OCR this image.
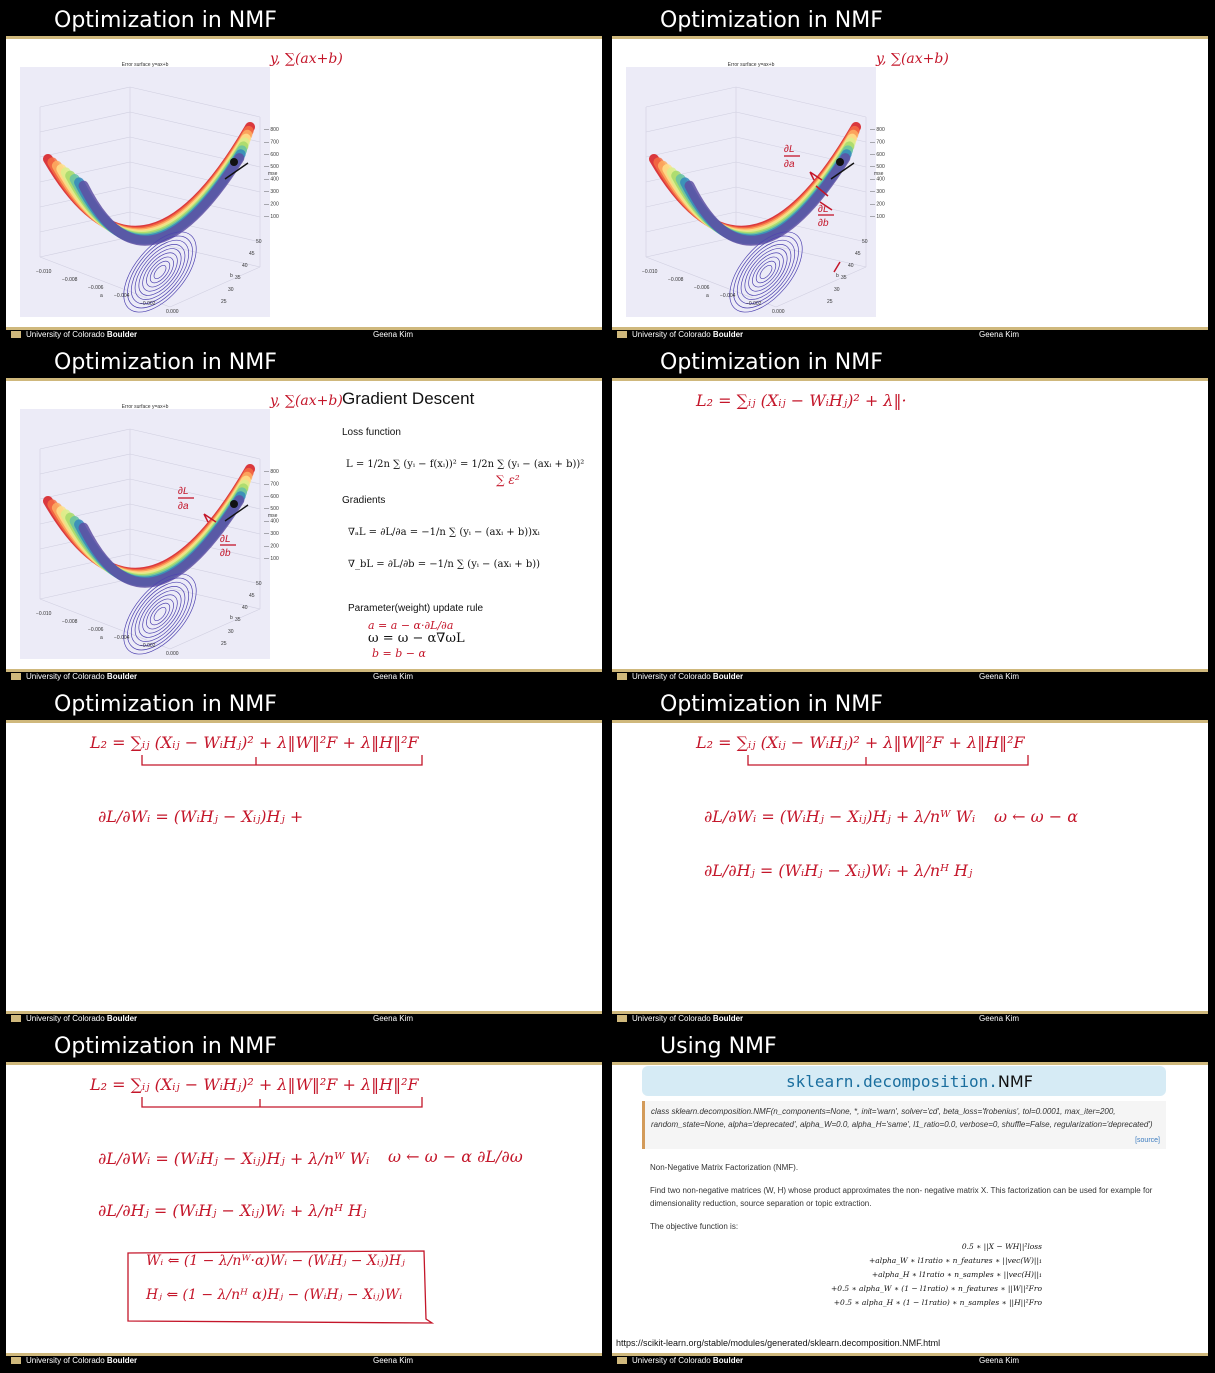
Optimization in NMF
Error surface y=ax+b
— 800
— 700
— 600
— 500
— 400
— 300
— 200
— 100
mse
50
45
40
35
30
25
b
−0.010
−0.008
−0.006
−0.004
−0.002
0.000
a
y, ∑(ax+b)
University of Colorado Boulder	Geena Kim
Optimization in NMF
Error surface y=ax+b
— 800
— 700
— 600
— 500
— 400
— 300
— 200
— 100
mse
50
45
40
35
30
25
b
−0.010
−0.008
−0.006
−0.004
−0.002
0.000
a
y, ∑(ax+b)
∂L
∂a
∂L
∂b
University of Colorado Boulder	Geena Kim
Optimization in NMF
Error surface y=ax+b
— 800
— 700
— 600
— 500
— 400
— 300
— 200
— 100
mse
50
45
40
35
30
25
b
−0.010
−0.008
−0.006
−0.004
−0.002
0.000
a
y, ∑(ax+b) Gradient Descent
Loss function
L = 1/2n ∑ (yᵢ − f(xᵢ))² = 1/2n ∑ (yᵢ − (axᵢ + b))²
∑ ε²
Gradients
∇ₐL = ∂L/∂a = −1/n ∑ (yᵢ − (axᵢ + b))xᵢ
∇_bL = ∂L/∂b = −1/n ∑ (yᵢ − (axᵢ + b))
Parameter(weight) update rule
ω = ω − α∇ωL
a = a − α·∂L/∂a
b = b − α
∂L
∂a
∂L
∂b
University of Colorado Boulder	Geena Kim
Optimization in NMF
L₂ = ∑ᵢⱼ (Xᵢⱼ − WᵢHⱼ)² + λ‖·
University of Colorado Boulder	Geena Kim
Optimization in NMF
L₂ = ∑ᵢⱼ (Xᵢⱼ − WᵢHⱼ)² + λ‖W‖²F + λ‖H‖²F
∂L/∂Wᵢ = (WᵢHⱼ − Xᵢⱼ)Hⱼ +
University of Colorado Boulder	Geena Kim
Optimization in NMF
L₂ = ∑ᵢⱼ (Xᵢⱼ − WᵢHⱼ)² + λ‖W‖²F + λ‖H‖²F
∂L/∂Wᵢ = (WᵢHⱼ − Xᵢⱼ)Hⱼ + λ/nᵂ Wᵢ
∂L/∂Hⱼ = (WᵢHⱼ − Xᵢⱼ)Wᵢ + λ/nᴴ Hⱼ
ω ← ω − α
University of Colorado Boulder	Geena Kim
Optimization in NMF
L₂ = ∑ᵢⱼ (Xᵢⱼ − WᵢHⱼ)² + λ‖W‖²F + λ‖H‖²F
∂L/∂Wᵢ = (WᵢHⱼ − Xᵢⱼ)Hⱼ + λ/nᵂ Wᵢ
∂L/∂Hⱼ = (WᵢHⱼ − Xᵢⱼ)Wᵢ + λ/nᴴ Hⱼ
ω ← ω − α ∂L/∂ω
Wᵢ ⇐ (1 − λ/nᵂ·α)Wᵢ − (WᵢHⱼ − Xᵢⱼ)Hⱼ
Hⱼ ⇐ (1 − λ/nᴴ α)Hⱼ − (WᵢHⱼ − Xᵢⱼ)Wᵢ
University of Colorado Boulder	Geena Kim
Using NMF
sklearn.decomposition.NMF
class sklearn.decomposition.NMF(n_components=None, *, init='warn', solver='cd', beta_loss='frobenius', tol=0.0001, max_iter=200, random_state=None, alpha='deprecated', alpha_W=0.0, alpha_H='same', l1_ratio=0.0, verbose=0, shuffle=False, regularization='deprecated')
[source]
Non-Negative Matrix Factorization (NMF).
Find two non-negative matrices (W, H) whose product approximates the non- negative matrix X. This factorization can be used for example for dimensionality reduction, source separation or topic extraction.
The objective function is:
0.5 ∗ ||X − WH||²loss
+alpha_W ∗ l1ratio ∗ n_features ∗ ||vec(W)||₁
+alpha_H ∗ l1ratio ∗ n_samples ∗ ||vec(H)||₁
+0.5 ∗ alpha_W ∗ (1 − l1ratio) ∗ n_features ∗ ||W||²Fro
+0.5 ∗ alpha_H ∗ (1 − l1ratio) ∗ n_samples ∗ ||H||²Fro
https://scikit-learn.org/stable/modules/generated/sklearn.decomposition.NMF.html
University of Colorado Boulder	Geena Kim
